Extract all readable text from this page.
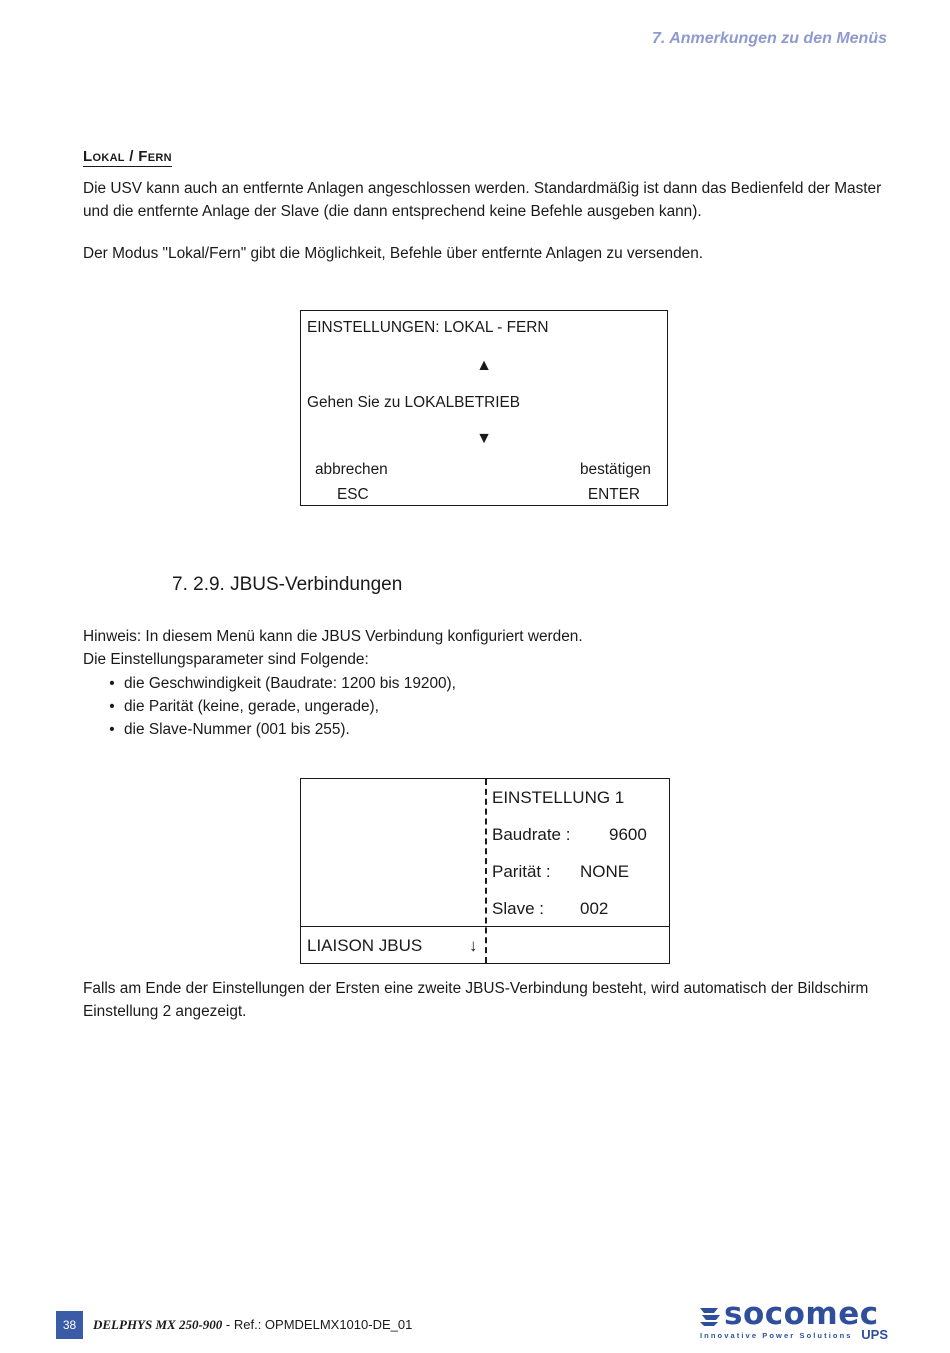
7. Anmerkungen zu den Menüs
Lokal / Fern
Die USV kann auch an entfernte Anlagen angeschlossen werden. Standardmäßig ist dann das Bedienfeld der Master
und die entfernte Anlage der Slave (die dann entsprechend keine Befehle ausgeben kann).
Der Modus "Lokal/Fern" gibt die Möglichkeit, Befehle über entfernte Anlagen zu versenden.
EINSTELLUNGEN: LOKAL - FERN
▲
Gehen Sie zu LOKALBETRIEB
▼
abbrechen
ESC
bestätigen
ENTER
7. 2.9. JBUS-Verbindungen
Hinweis: In diesem Menü kann die JBUS Verbindung konfiguriert werden.
Die Einstellungsparameter sind Folgende:
• die Geschwindigkeit (Baudrate: 1200 bis 19200),
• die Parität (keine, gerade, ungerade),
• die Slave-Nummer (001 bis 255).
EINSTELLUNG 1
Baudrate : 9600
Parität : NONE
Slave : 002
LIAISON JBUS	↓
Falls am Ende der Einstellungen der Ersten eine zweite JBUS-Verbindung besteht, wird automatisch der Bildschirm
Einstellung 2 angezeigt.
38	DELPHYS MX 250-900 - Ref.: OPMDELMX1010-DE_01	socomec
Innovative Power Solutions UPS
